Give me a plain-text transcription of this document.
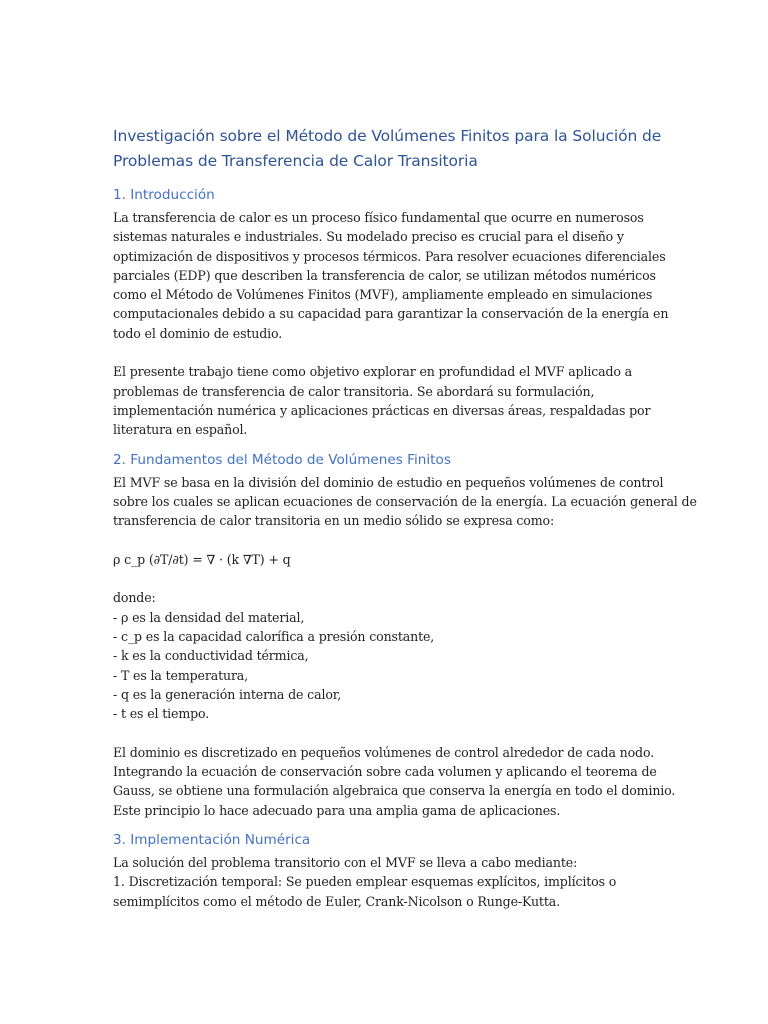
Investigación sobre el Método de Volúmenes Finitos para la Solución de
Problemas de Transferencia de Calor Transitoria
1. Introducción

La transferencia de calor es un proceso físico fundamental que ocurre en numerosos
sistemas naturales e industriales. Su modelado preciso es crucial para el diseño y
optimización de dispositivos y procesos térmicos. Para resolver ecuaciones diferenciales
parciales (EDP) que describen la transferencia de calor, se utilizan métodos numéricos
como el Método de Volúmenes Finitos (MVF), ampliamente empleado en simulaciones
computacionales debido a su capacidad para garantizar la conservación de la energía en
todo el dominio de estudio.
El presente trabajo tiene como objetivo explorar en profundidad el MVF aplicado a
problemas de transferencia de calor transitoria. Se abordará su formulación,
implementación numérica y aplicaciones prácticas en diversas áreas, respaldadas por
literatura en español.

2. Fundamentos del Método de Volúmenes Finitos

El MVF se basa en la división del dominio de estudio en pequeños volúmenes de control
sobre los cuales se aplican ecuaciones de conservación de la energía. La ecuación general de
transferencia de calor transitoria en un medio sólido se expresa como:
ρ c_p (∂T/∂t) = ∇ · (k ∇T) + q
donde:
- ρ es la densidad del material,
- c_p es la capacidad calorífica a presión constante,
- k es la conductividad térmica,
- T es la temperatura,
- q es la generación interna de calor,
- t es el tiempo.
El dominio es discretizado en pequeños volúmenes de control alrededor de cada nodo.
Integrando la ecuación de conservación sobre cada volumen y aplicando el teorema de
Gauss, se obtiene una formulación algebraica que conserva la energía en todo el dominio.
Este principio lo hace adecuado para una amplia gama de aplicaciones.

3. Implementación Numérica

La solución del problema transitorio con el MVF se lleva a cabo mediante:
1. Discretización temporal: Se pueden emplear esquemas explícitos, implícitos o
semimplícitos como el método de Euler, Crank-Nicolson o Runge-Kutta.
